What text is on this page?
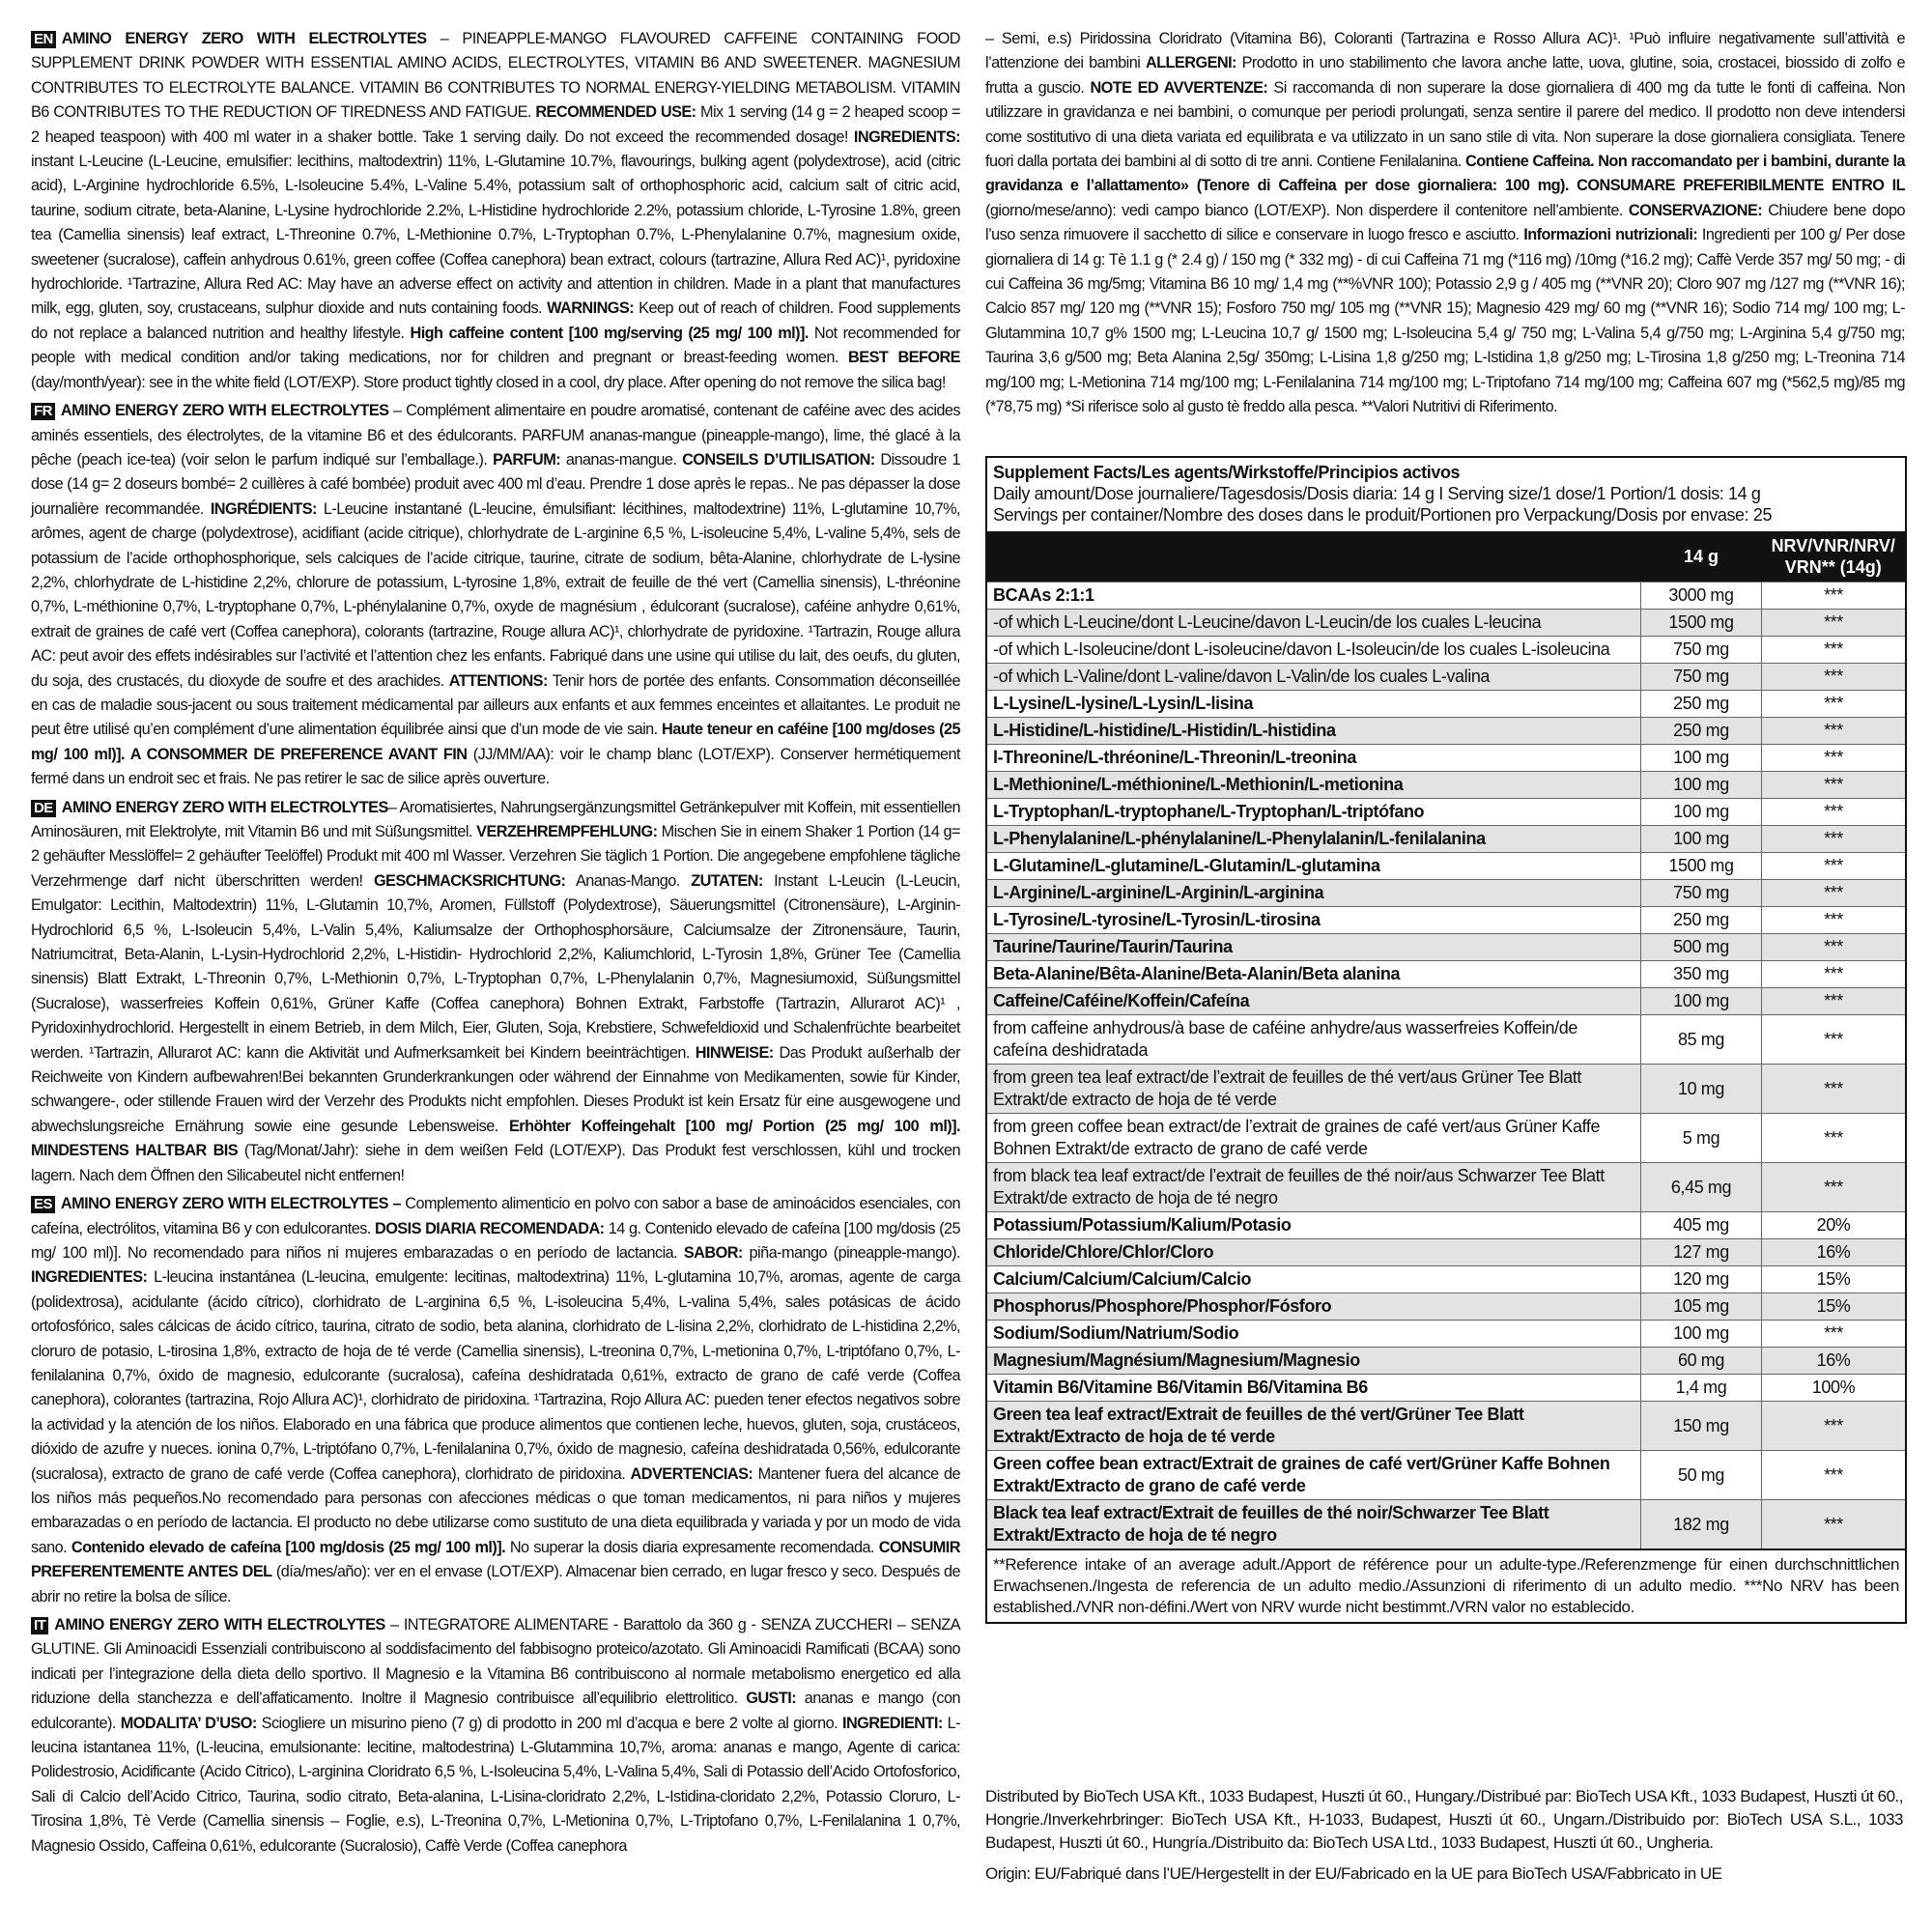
EN AMINO ENERGY ZERO WITH ELECTROLYTES – PINEAPPLE-MANGO FLAVOURED CAFFEINE CONTAINING FOOD SUPPLEMENT DRINK POWDER WITH ESSENTIAL AMINO ACIDS, ELECTROLYTES, VITAMIN B6 AND SWEETENER. MAGNESIUM CONTRIBUTES TO ELECTROLYTE BALANCE. VITAMIN B6 CONTRIBUTES TO NORMAL ENERGY-YIELDING METABOLISM. VITAMIN B6 CONTRIBUTES TO THE REDUCTION OF TIREDNESS AND FATIGUE. RECOMMENDED USE: Mix 1 serving (14 g = 2 heaped scoop = 2 heaped teaspoon) with 400 ml water in a shaker bottle. Take 1 serving daily. Do not exceed the recommended dosage! INGREDIENTS: instant L-Leucine (L-Leucine, emulsifier: lecithins, maltodextrin) 11%, L-Glutamine 10.7%, flavourings, bulking agent (polydextrose), acid (citric acid), L-Arginine hydrochloride 6.5%, L-Isoleucine 5.4%, L-Valine 5.4%, potassium salt of orthophosphoric acid, calcium salt of citric acid, taurine, sodium citrate, beta-Alanine, L-Lysine hydrochloride 2.2%, L-Histidine hydrochloride 2.2%, potassium chloride, L-Tyrosine 1.8%, green tea (Camellia sinensis) leaf extract, L-Threonine 0.7%, L-Methionine 0.7%, L-Tryptophan 0.7%, L-Phenylalanine 0.7%, magnesium oxide, sweetener (sucralose), caffein anhydrous 0.61%, green coffee (Coffea canephora) bean extract, colours (tartrazine, Allura Red AC)¹, pyridoxine hydrochloride. ¹Tartrazine, Allura Red AC: May have an adverse effect on activity and attention in children. Made in a plant that manufactures milk, egg, gluten, soy, crustaceans, sulphur dioxide and nuts containing foods. WARNINGS: Keep out of reach of children. Food supplements do not replace a balanced nutrition and healthy lifestyle. High caffeine content [100 mg/serving (25 mg/ 100 ml)]. Not recommended for people with medical condition and/or taking medications, nor for children and pregnant or breast-feeding women. BEST BEFORE (day/month/year): see in the white field (LOT/EXP). Store product tightly closed in a cool, dry place. After opening do not remove the silica bag!

FR AMINO ENERGY ZERO WITH ELECTROLYTES – Complément alimentaire en poudre aromatisé, contenant de caféine avec des acides aminés essentiels, des électrolytes, de la vitamine B6 et des édulcorants. PARFUM ananas-mangue (pineapple-mango), lime, thé glacé à la pêche (peach ice-tea) (voir selon le parfum indiqué sur l’emballage.). PARFUM: ananas-mangue. CONSEILS D’UTILISATION: Dissoudre 1 dose (14 g= 2 doseurs bombé= 2 cuillères à café bombée) produit avec 400 ml d’eau. Prendre 1 dose après le repas.. Ne pas dépasser la dose journalière recommandée. INGRÉDIENTS: L-Leucine instantané (L-leucine, émulsifiant: lécithines, maltodextrine) 11%, L-glutamine 10,7%, arômes, agent de charge (polydextrose), acidifiant (acide citrique), chlorhydrate de L-arginine 6,5 %, L-isoleucine 5,4%, L-valine 5,4%, sels de potassium de l’acide orthophosphorique, sels calciques de l’acide citrique, taurine, citrate de sodium, bêta-Alanine, chlorhydrate de L-lysine 2,2%, chlorhydrate de L-histidine 2,2%, chlorure de potassium, L-tyrosine 1,8%, extrait de feuille de thé vert (Camellia sinensis), L-thréonine 0,7%, L-méthionine 0,7%, L-tryptophane 0,7%, L-phénylalanine 0,7%, oxyde de magnésium , édulcorant (sucralose), caféine anhydre 0,61%, extrait de graines de café vert (Coffea canephora), colorants (tartrazine, Rouge allura AC)¹, chlorhydrate de pyridoxine. ¹Tartrazin, Rouge allura AC: peut avoir des effets indésirables sur l’activité et l’attention chez les enfants. Fabriqué dans une usine qui utilise du lait, des oeufs, du gluten, du soja, des crustacés, du dioxyde de soufre et des arachides. ATTENTIONS: Tenir hors de portée des enfants. Consommation déconseillée en cas de maladie sous-jacent ou sous traitement médicamental par ailleurs aux enfants et aux femmes enceintes et allaitantes. Le produit ne peut être utilisé qu’en complément d’une alimentation équilibrée ainsi que d’un mode de vie sain. Haute teneur en caféine [100 mg/doses (25 mg/ 100 ml)]. A CONSOMMER DE PREFERENCE AVANT FIN (JJ/MM/AA): voir le champ blanc (LOT/EXP). Conserver hermétiquement fermé dans un endroit sec et frais. Ne pas retirer le sac de silice après ouverture.

DE AMINO ENERGY ZERO WITH ELECTROLYTES– Aromatisiertes, Nahrungsergänzungsmittel Getränkepulver mit Koffein, mit essentiellen Aminosäuren, mit Elektrolyte, mit Vitamin B6 und mit Süßungsmittel. VERZEHREMPFEHLUNG: Mischen Sie in einem Shaker 1 Portion (14 g= 2 gehäufter Messlöffel= 2 gehäufter Teelöffel) Produkt mit 400 ml Wasser. Verzehren Sie täglich 1 Portion. Die angegebene empfohlene tägliche Verzehrmenge darf nicht überschritten werden! GESCHMACKSRICHTUNG: Ananas-Mango. ZUTATEN: Instant L-Leucin (L-Leucin, Emulgator: Lecithin, Maltodextrin) 11%, L-Glutamin 10,7%, Aromen, Füllstoff (Polydextrose), Säuerungsmittel (Citronensäure), L-Arginin-Hydrochlorid 6,5 %, L-Isoleucin 5,4%, L-Valin 5,4%, Kaliumsalze der Orthophosphorsäure, Calciumsalze der Zitronensäure, Taurin, Natriumcitrat, Beta-Alanin, L-Lysin-Hydrochlorid 2,2%, L-Histidin- Hydrochlorid 2,2%, Kaliumchlorid, L-Tyrosin 1,8%, Grüner Tee (Camellia sinensis) Blatt Extrakt, L-Threonin 0,7%, L-Methionin 0,7%, L-Tryptophan 0,7%, L-Phenylalanin 0,7%, Magnesiumoxid, Süßungsmittel (Sucralose), wasserfreies Koffein 0,61%, Grüner Kaffe (Coffea canephora) Bohnen Extrakt, Farbstoffe (Tartrazin, Allurarot AC)¹ , Pyridoxinhydrochlorid. Hergestellt in einem Betrieb, in dem Milch, Eier, Gluten, Soja, Krebstiere, Schwefeldioxid und Schalenfrüchte bearbeitet werden. ¹Tartrazin, Allurarot AC: kann die Aktivität und Aufmerksamkeit bei Kindern beeinträchtigen. HINWEISE: Das Produkt außerhalb der Reichweite von Kindern aufbewahren!Bei bekannten Grunderkrankungen oder während der Einnahme von Medikamenten, sowie für Kinder, schwangere-, oder stillende Frauen wird der Verzehr des Produkts nicht empfohlen. Dieses Produkt ist kein Ersatz für eine ausgewogene und abwechslungsreiche Ernährung sowie eine gesunde Lebensweise. Erhöhter Koffeingehalt [100 mg/ Portion (25 mg/ 100 ml)]. MINDESTENS HALTBAR BIS (Tag/Monat/Jahr): siehe in dem weißen Feld (LOT/EXP). Das Produkt fest verschlossen, kühl und trocken lagern. Nach dem Öffnen den Silicabeutel nicht entfernen!

ES AMINO ENERGY ZERO WITH ELECTROLYTES – Complemento alimenticio en polvo con sabor a base de aminoácidos esenciales, con cafeína, electrólitos, vitamina B6 y con edulcorantes. DOSIS DIARIA RECOMENDADA: 14 g. Contenido elevado de cafeína [100 mg/dosis (25 mg/ 100 ml)]. No recomendado para niños ni mujeres embarazadas o en período de lactancia. SABOR: piña-mango (pineapple-mango). INGREDIENTES: L-leucina instantánea (L-leucina, emulgente: lecitinas, maltodextrina) 11%, L-glutamina 10,7%, aromas, agente de carga (polidextrosa), acidulante (ácido cítrico), clorhidrato de L-arginina 6,5 %, L-isoleucina 5,4%, L-valina 5,4%, sales potásicas de ácido ortofosfórico, sales cálcicas de ácido cítrico, taurina, citrato de sodio, beta alanina, clorhidrato de L-lisina 2,2%, clorhidrato de L-histidina 2,2%, cloruro de potasio, L-tirosina 1,8%, extracto de hoja de té verde (Camellia sinensis), L-treonina 0,7%, L-metionina 0,7%, L-triptófano 0,7%, L-fenilalanina 0,7%, óxido de magnesio, edulcorante (sucralosa), cafeína deshidratada 0,61%, extracto de grano de café verde (Coffea canephora), colorantes (tartrazina, Rojo Allura AC)¹, clorhidrato de piridoxina. ¹Tartrazina, Rojo Allura AC: pueden tener efectos negativos sobre la actividad y la atención de los niños. Elaborado en una fábrica que produce alimentos que contienen leche, huevos, gluten, soja, crustáceos, dióxido de azufre y nueces. ionina 0,7%, L-triptófano 0,7%, L-fenilalanina 0,7%, óxido de magnesio, cafeína deshidratada 0,56%, edulcorante (sucralosa), extracto de grano de café verde (Coffea canephora), clorhidrato de piridoxina. ADVERTENCIAS: Mantener fuera del alcance de los niños más pequeños.No recomendado para personas con afecciones médicas o que toman medicamentos, ni para niños y mujeres embarazadas o en período de lactancia. El producto no debe utilizarse como sustituto de una dieta equilibrada y variada y por un modo de vida sano. Contenido elevado de cafeína [100 mg/dosis (25 mg/ 100 ml)]. No superar la dosis diaria expresamente recomendada. CONSUMIR PREFERENTEMENTE ANTES DEL (día/mes/año): ver en el envase (LOT/EXP). Almacenar bien cerrado, en lugar fresco y seco. Después de abrir no retire la bolsa de sílice.

IT AMINO ENERGY ZERO WITH ELECTROLYTES – INTEGRATORE ALIMENTARE - Barattolo da 360 g - SENZA ZUCCHERI – SENZA GLUTINE. Gli Aminoacidi Essenziali contribuiscono al soddisfacimento del fabbisogno proteico/azotato. Gli Aminoacidi Ramificati (BCAA) sono indicati per l’integrazione della dieta dello sportivo. Il Magnesio e la Vitamina B6 contribuiscono al normale metabolismo energetico ed alla riduzione della stanchezza e dell’affaticamento. Inoltre il Magnesio contribuisce all’equilibrio elettrolitico. GUSTI: ananas e mango (con edulcorante). MODALITA’ D’USO: Sciogliere un misurino pieno (7 g) di prodotto in 200 ml d’acqua e bere 2 volte al giorno. INGREDIENTI: L-leucina istantanea 11%, (L-leucina, emulsionante: lecitine, maltodestrina) L-Glutammina 10,7%, aroma: ananas e mango, Agente di carica: Polidestrosio, Acidificante (Acido Citrico), L-arginina Cloridrato 6,5 %, L-Isoleucina 5,4%, L-Valina 5,4%, Sali di Potassio dell’Acido Ortofosforico, Sali di Calcio dell’Acido Citrico, Taurina, sodio citrato, Beta-alanina, L-Lisina-cloridrato 2,2%, L-Istidina-cloridato 2,2%, Potassio Cloruro, L-Tirosina 1,8%, Tè Verde (Camellia sinensis – Foglie, e.s), L-Treonina 0,7%, L-Metionina 0,7%, L-Triptofano 0,7%, L-Fenilalanina 1 0,7%, Magnesio Ossido, Caffeina 0,61%, edulcorante (Sucralosio), Caffè Verde (Coffea canephora

– Semi, e.s) Piridossina Cloridrato (Vitamina B6), Coloranti (Tartrazina e Rosso Allura AC)¹. ¹Può influire negativamente sull’attività e l’attenzione dei bambini ALLERGENI: Prodotto in uno stabilimento che lavora anche latte, uova, glutine, soia, crostacei, biossido di zolfo e frutta a guscio. NOTE ED AVVERTENZE: Si raccomanda di non superare la dose giornaliera di 400 mg da tutte le fonti di caffeina. Non utilizzare in gravidanza e nei bambini, o comunque per periodi prolungati, senza sentire il parere del medico. Il prodotto non deve intendersi come sostitutivo di una dieta variata ed equilibrata e va utilizzato in un sano stile di vita. Non superare la dose giornaliera consigliata. Tenere fuori dalla portata dei bambini al di sotto di tre anni. Contiene Fenilalanina. Contiene Caffeina. Non raccomandato per i bambini, durante la gravidanza e l’allattamento» (Tenore di Caffeina per dose giornaliera: 100 mg). CONSUMARE PREFERIBILMENTE ENTRO IL (giorno/mese/anno): vedi campo bianco (LOT/EXP). Non disperdere il contenitore nell’ambiente. CONSERVAZIONE: Chiudere bene dopo l’uso senza rimuovere il sacchetto di silice e conservare in luogo fresco e asciutto. Informazioni nutrizionali: Ingredienti per 100 g/ Per dose giornaliera di 14 g: Tè 1.1 g (* 2.4 g) / 150 mg (* 332 mg) - di cui Caffeina 71 mg (*116 mg) /10mg (*16.2 mg); Caffè Verde 357 mg/ 50 mg; - di cui Caffeina 36 mg/5mg; Vitamina B6 10 mg/ 1,4 mg (**%VNR 100); Potassio 2,9 g / 405 mg (**VNR 20); Cloro 907 mg /127 mg (**VNR 16); Calcio 857 mg/ 120 mg (**VNR 15); Fosforo 750 mg/ 105 mg (**VNR 15); Magnesio 429 mg/ 60 mg (**VNR 16); Sodio 714 mg/ 100 mg; L-Glutammina 10,7 g% 1500 mg; L-Leucina 10,7 g/ 1500 mg; L-Isoleucina 5,4 g/ 750 mg; L-Valina 5,4 g/750 mg; L-Arginina 5,4 g/750 mg; Taurina 3,6 g/500 mg; Beta Alanina 2,5g/ 350mg; L-Lisina 1,8 g/250 mg; L-Istidina 1,8 g/250 mg; L-Tirosina 1,8 g/250 mg; L-Treonina 714 mg/100 mg; L-Metionina 714 mg/100 mg; L-Fenilalanina 714 mg/100 mg; L-Triptofano 714 mg/100 mg; Caffeina 607 mg (*562,5 mg)/85 mg (*78,75 mg) *Si riferisce solo al gusto tè freddo alla pesca. **Valori Nutritivi di Riferimento.

Supplement Facts/Les agents/Wirkstoffe/Principios activos
Daily amount/Dose journaliere/Tagesdosis/Dosis diaria: 14 g I Serving size/1 dose/1 Portion/1 dosis: 14 g
Servings per container/Nombre des doses dans le produit/Portionen pro Verpackung/Dosis por envase: 25
	14 g	NRV/VNR/NRV/ VRN** (14g)
BCAAs 2:1:1	3000 mg	***
-of which L-Leucine/dont L-Leucine/davon L-Leucin/de los cuales L-leucina	1500 mg	***
-of which L-Isoleucine/dont L-isoleucine/davon L-Isoleucin/de los cuales L-isoleucina	750 mg	***
-of which L-Valine/dont L-valine/davon L-Valin/de los cuales L-valina	750 mg	***
L-Lysine/L-lysine/L-Lysin/L-lisina	250 mg	***
L-Histidine/L-histidine/L-Histidin/L-histidina	250 mg	***
l-Threonine/L-thréonine/L-Threonin/L-treonina	100 mg	***
L-Methionine/L-méthionine/L-Methionin/L-metionina	100 mg	***
L-Tryptophan/L-tryptophane/L-Tryptophan/L-triptófano	100 mg	***
L-Phenylalanine/L-phénylalanine/L-Phenylalanin/L-fenilalanina	100 mg	***
L-Glutamine/L-glutamine/L-Glutamin/L-glutamina	1500 mg	***
L-Arginine/L-arginine/L-Arginin/L-arginina	750 mg	***
L-Tyrosine/L-tyrosine/L-Tyrosin/L-tirosina	250 mg	***
Taurine/Taurine/Taurin/Taurina	500 mg	***
Beta-Alanine/Bêta-Alanine/Beta-Alanin/Beta alanina	350 mg	***
Caffeine/Caféine/Koffein/Cafeína	100 mg	***
from caffeine anhydrous/à base de caféine anhydre/aus wasserfreies Koffein/de cafeína deshidratada	85 mg	***
from green tea leaf extract/de l’extrait de feuilles de thé vert/aus Grüner Tee Blatt Extrakt/de extracto de hoja de té verde	10 mg	***
from green coffee bean extract/de l’extrait de graines de café vert/aus Grüner Kaffe Bohnen Extrakt/de extracto de grano de café verde	5 mg	***
from black tea leaf extract/de l’extrait de feuilles de thé noir/aus Schwarzer Tee Blatt Extrakt/de extracto de hoja de té negro	6,45 mg	***
Potassium/Potassium/Kalium/Potasio	405 mg	20%
Chloride/Chlore/Chlor/Cloro	127 mg	16%
Calcium/Calcium/Calcium/Calcio	120 mg	15%
Phosphorus/Phosphore/Phosphor/Fósforo	105 mg	15%
Sodium/Sodium/Natrium/Sodio	100 mg	***
Magnesium/Magnésium/Magnesium/Magnesio	60 mg	16%
Vitamin B6/Vitamine B6/Vitamin B6/Vitamina B6	1,4 mg	100%
Green tea leaf extract/Extrait de feuilles de thé vert/Grüner Tee Blatt Extrakt/Extracto de hoja de té verde	150 mg	***
Green coffee bean extract/Extrait de graines de café vert/Grüner Kaffe Bohnen Extrakt/Extracto de grano de café verde	50 mg	***
Black tea leaf extract/Extrait de feuilles de thé noir/Schwarzer Tee Blatt Extrakt/Extracto de hoja de té negro	182 mg	***
**Reference intake of an average adult./Apport de référence pour un adulte-type./Referenzmenge für einen durchschnittlichen Erwachsenen./Ingesta de referencia de un adulto medio./Assunzioni di riferimento di un adulto medio. ***No NRV has been established./VNR non-défini./Wert von NRV wurde nicht bestimmt./VRN valor no establecido.

Distributed by BioTech USA Kft., 1033 Budapest, Huszti út 60., Hungary./Distribué par: BioTech USA Kft., 1033 Budapest, Huszti út 60., Hongrie./Inverkehrbringer: BioTech USA Kft., H-1033, Budapest, Huszti út 60., Ungarn./Distribuido por: BioTech USA S.L., 1033 Budapest, Huszti út 60., Hungría./Distribuito da: BioTech USA Ltd., 1033 Budapest, Huszti út 60., Ungheria.

Origin: EU/Fabriqué dans l’UE/Hergestellt in der EU/Fabricado en la UE para BioTech USA/Fabbricato in UE
